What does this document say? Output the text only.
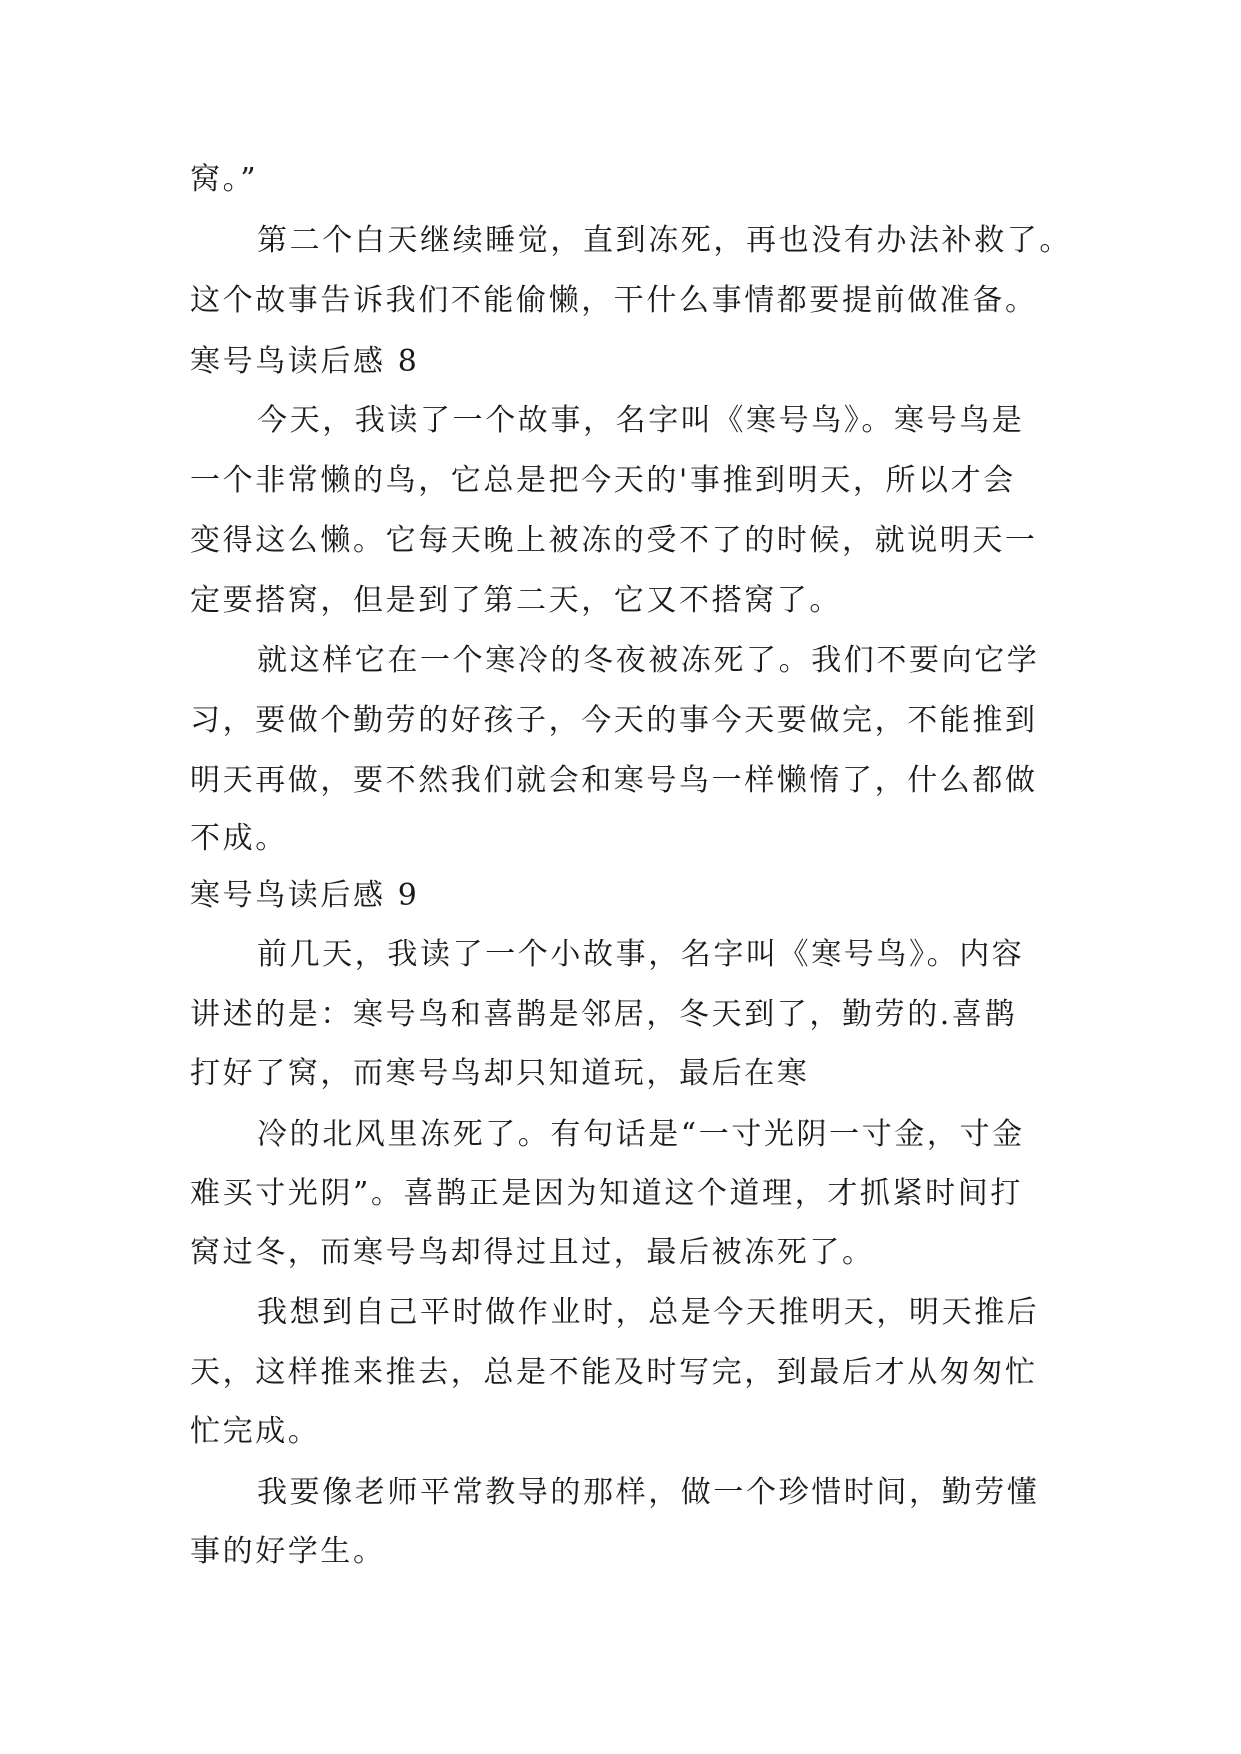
窝。”
第二个白天继续睡觉，直到冻死，再也没有办法补救了。
这个故事告诉我们不能偷懒，干什么事情都要提前做准备。
寒号鸟读后感 8
今天，我读了一个故事，名字叫《寒号鸟》。寒号鸟是
一个非常懒的鸟，它总是把今天的'事推到明天，所以才会
变得这么懒。它每天晚上被冻的受不了的时候，就说明天一
定要搭窝，但是到了第二天，它又不搭窝了。
就这样它在一个寒冷的冬夜被冻死了。我们不要向它学
习，要做个勤劳的好孩子，今天的事今天要做完，不能推到
明天再做，要不然我们就会和寒号鸟一样懒惰了，什么都做
不成。
寒号鸟读后感 9
前几天，我读了一个小故事，名字叫《寒号鸟》。内容
讲述的是：寒号鸟和喜鹊是邻居，冬天到了，勤劳的.喜鹊
打好了窝，而寒号鸟却只知道玩，最后在寒
冷的北风里冻死了。有句话是“一寸光阴一寸金，寸金
难买寸光阴”。喜鹊正是因为知道这个道理，才抓紧时间打
窝过冬，而寒号鸟却得过且过，最后被冻死了。
我想到自己平时做作业时，总是今天推明天，明天推后
天，这样推来推去，总是不能及时写完，到最后才从匆匆忙
忙完成。
我要像老师平常教导的那样，做一个珍惜时间，勤劳懂
事的好学生。
